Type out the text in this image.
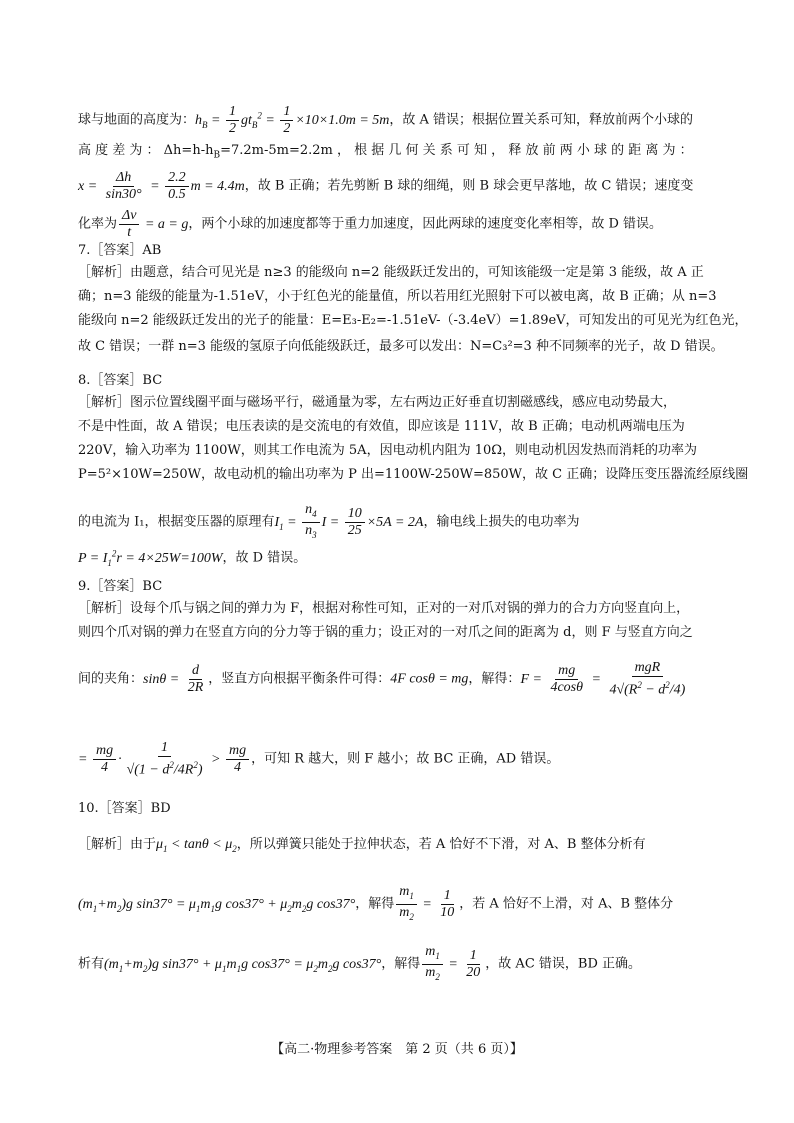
球与地面的高度为：$h_B = \frac{1}{2} gt_B^2 = \frac{1}{2} \times 10\times 1.0m = 5m$，故 A 错误；根据位置关系可知，释放前两个小球的
高 度 差 为 ： $\Delta h=h-h_B=7.2m-5m=2.2m$ ， 根 据 几 何 关 系 可 知 ， 释 放 前 两 小 球 的 距 离 为 ：
$x = \frac{\Delta h}{\sin 30^\circ} = \frac{2.2}{0.5}$ m = 4.4m，故 B 正确；若先剪断 B 球的细绳，则 B 球会更早落地，故 C 错误；速度变
化率为 $\frac{\Delta v}{t} = a = g$，两个小球的加速度都等于重力加速度，因此两球的速度变化率相等，故 D 错误。
7.［答案］AB
［解析］由题意，结合可见光是 n≥3 的能级向 n=2 能级跃迁发出的，可知该能级一定是第 3 能级，故 A 正
确；n=3 能级的能量为-1.51eV，小于红色光的能量值，所以若用红光照射下可以被电离，故 B 正确；从 n=3
能级向 n=2 能级跃迁发出的光子的能量：E=E₃-E₂=-1.51eV-（-3.4eV）=1.89eV，可知发出的可见光为红色光，
故 C 错误；一群 n=3 能级的氢原子向低能级跃迁，最多可以发出：N=C₃²=3 种不同频率的光子，故 D 错误。
8.［答案］BC
［解析］图示位置线圈平面与磁场平行，磁通量为零，左右两边正好垂直切割磁感线，感应电动势最大，
不是中性面，故 A 错误；电压表读的是交流电的有效值，即应该是 111V，故 B 正确；电动机两端电压为
220V，输入功率为 1100W，则其工作电流为 5A，因电动机内阻为 10Ω，则电动机因发热而消耗的功率为
P=5²×10W=250W，故电动机的输出功率为 P 出=1100W-250W=850W，故 C 正确；设降压变压器流经原线圈
的电流为 I₁，根据变压器的原理有$I_1 = \frac{n_4}{n_3}$ $I = \frac{10}{25} \times 5A = 2A$，输电线上损失的电功率为
$P = I_1^2r = 4\times 25W=100W$，故 D 错误。
9.［答案］BC
［解析］设每个爪与锅之间的弹力为 F，根据对称性可知，正对的一对爪对锅的弹力的合力方向竖直向上，
则四个爪对锅的弹力在竖直方向的分力等于锅的重力；设正对的一对爪之间的距离为 d，则 F 与竖直方向之
间的夹角：$\sin\theta = \frac{d}{2R}$ ，竖直方向根据平衡条件可得：4F cosθ = mg，解得：$F = \frac{mg}{4\cos\theta} = \frac{\text{mgR}}{4√(R^2 - d^2/4)}$
= $\frac{mg}{4} \cdot \frac{1}{√(1 - d^2/4R^2)} > \frac{mg}{4}$ ，可知 R 越大，则 F 越小；故 BC 正确，AD 错误。
10.［答案］BD
［解析］由于$\mu_1 < \tan\theta < \mu_2$，所以弹簧只能处于拉伸状态，若 A 恰好不下滑，对 A、B 整体分析有
$(m_1+m_2)g$ $\sin 37^\circ = \mu_1m_1g$ $\cos 37^\circ + \mu_2m_2g$ cos37°，解得 $\frac{m_1}{m_2} = \frac{1}{10}$ ，若 A 恰好不上滑，对 A、B 整体分
析有$(m_1+m_2)g$ $\sin 37^\circ + \mu_1m_1g$ $\cos 37^\circ = \mu_2m_2g$ cos37°，解得 $\frac{m_1}{m_2} = \frac{1}{20}$ ，故 AC 错误，BD 正确。
【高二·物理参考答案　第 2 页（共 6 页）】
